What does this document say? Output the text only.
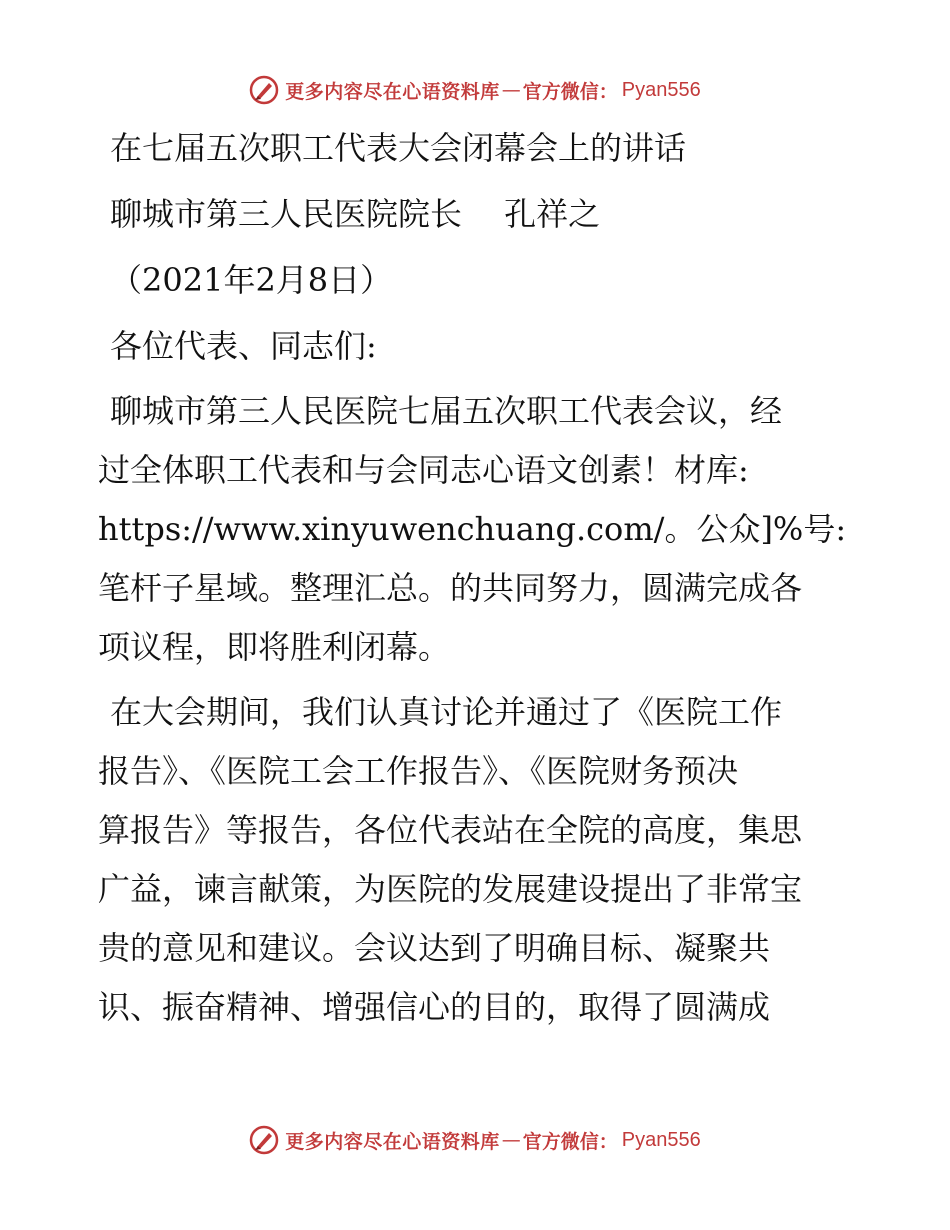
更多内容尽在心语资料库 — 官方微信： Pyan556

在七届五次职工代表大会闭幕会上的讲话

聊城市第三人民医院院长　 孔祥之

（2021年2月8日）

各位代表、同志们:

聊城市第三人民医院七届五次职工代表会议，经
过全体职工代表和与会同志心语文创素！材库:
https://www.xinyuwenchuang.com/。公众]%号:
笔杆子星域。整理汇总。的共同努力，圆满完成各
项议程，即将胜利闭幕。
在大会期间，我们认真讨论并通过了《医院工作
报告》、《医院工会工作报告》、《医院财务预决
算报告》等报告，各位代表站在全院的高度，集思
广益，谏言献策，为医院的发展建设提出了非常宝
贵的意见和建议。会议达到了明确目标、凝聚共
识、振奋精神、增强信心的目的，取得了圆满成
更多内容尽在心语资料库 — 官方微信： Pyan556
